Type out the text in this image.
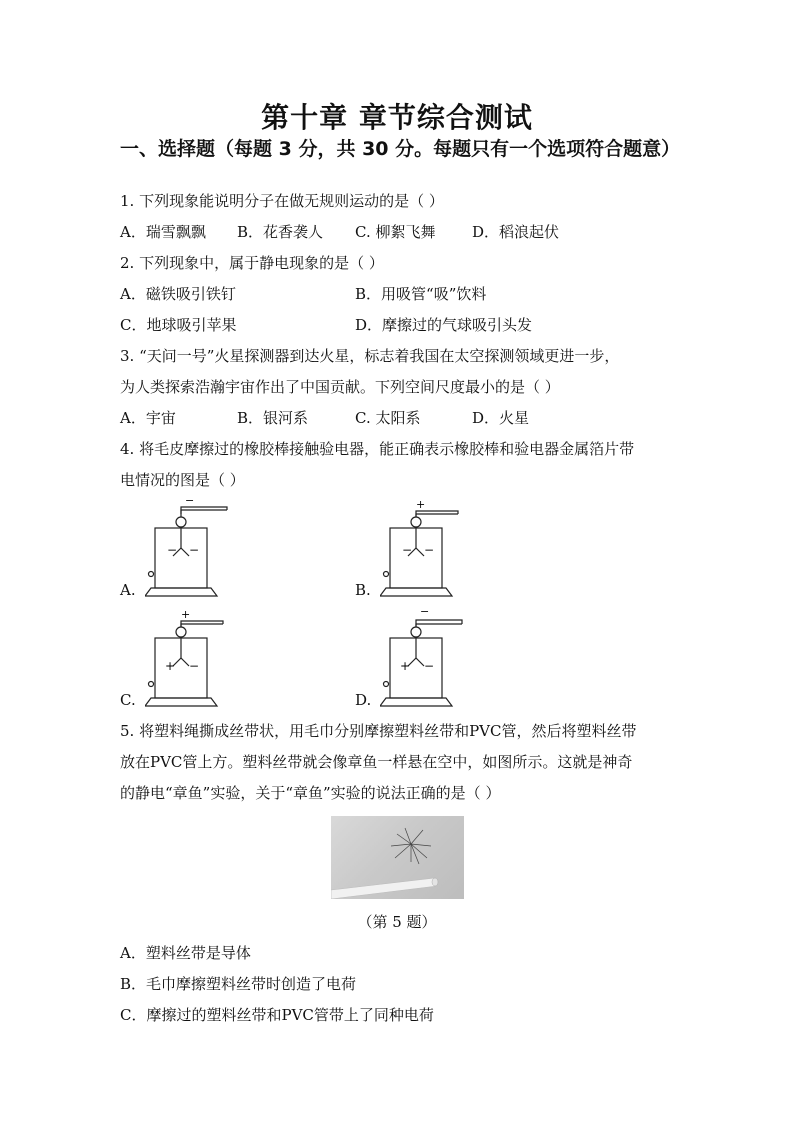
第十章 章节综合测试
一、选择题（每题 3 分，共 30 分。每题只有一个选项符合题意）
1. 下列现象能说明分子在做无规则运动的是（ ）
A．瑞雪飘飘 B．花香袭人 C. 柳絮飞舞 D．稻浪起伏
2. 下列现象中，属于静电现象的是（ ）
A．磁铁吸引铁钉	B．用吸管“吸”饮料
C．地球吸引苹果	D．摩擦过的气球吸引头发
3. “天问一号”火星探测器到达火星，标志着我国在太空探测领域更进一步，
为人类探索浩瀚宇宙作出了中国贡献。下列空间尺度最小的是（ ）
A．宇宙	B．银河系	C. 太阳系	D．火星
4. 将毛皮摩擦过的橡胶棒接触验电器，能正确表示橡胶棒和验电器金属箔片带
电情况的图是（ ）
−
− −
A.
+
− −
B.
+
+ −
C.
−
+ −
D.
5. 将塑料绳撕成丝带状，用毛巾分别摩擦塑料丝带和PVC管，然后将塑料丝带
放在PVC管上方。塑料丝带就会像章鱼一样悬在空中，如图所示。这就是神奇
的静电“章鱼”实验，关于“章鱼”实验的说法正确的是（ ）
（第 5 题）
A．塑料丝带是导体
B．毛巾摩擦塑料丝带时创造了电荷
C．摩擦过的塑料丝带和PVC管带上了同种电荷
